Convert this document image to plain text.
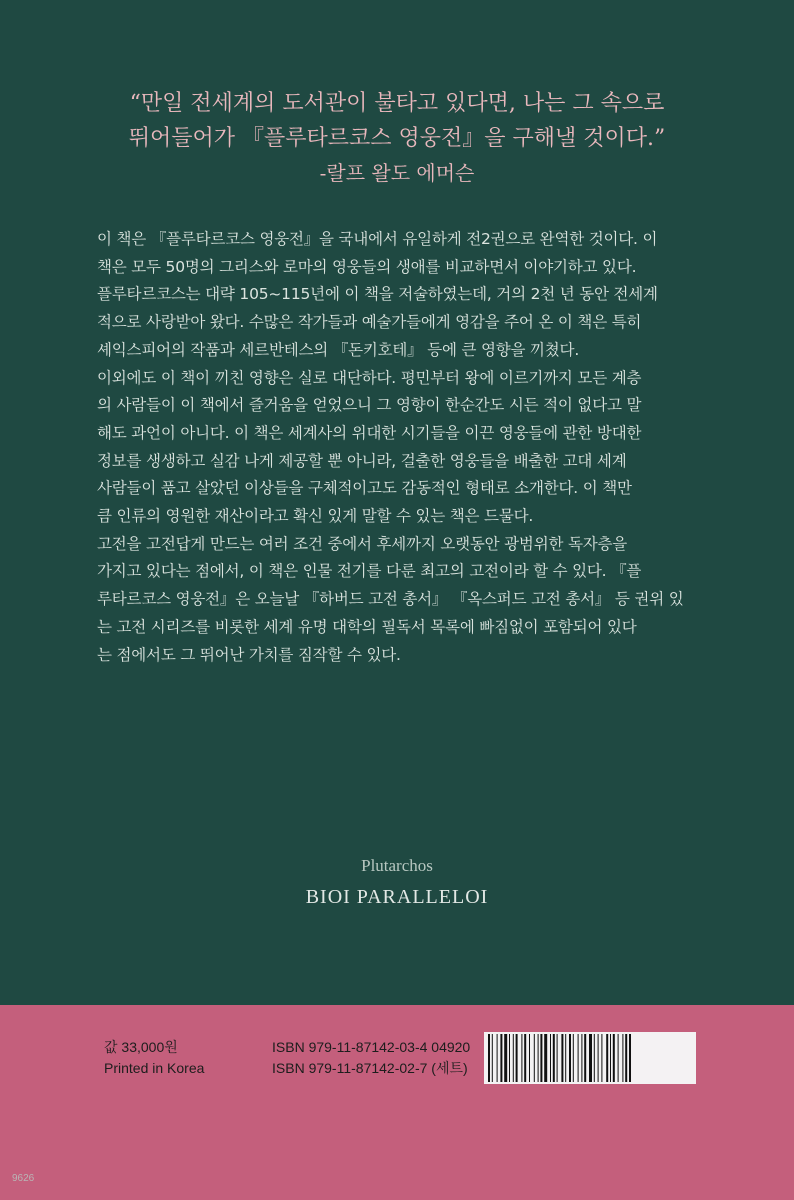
“만일 전세계의 도서관이 불타고 있다면, 나는 그 속으로
뛰어들어가 『플루타르코스 영웅전』을 구해낼 것이다.”
-랄프 왈도 에머슨

이 책은 『플루타르코스 영웅전』을 국내에서 유일하게 전2권으로 완역한 것이다. 이
책은 모두 50명의 그리스와 로마의 영웅들의 생애를 비교하면서 이야기하고 있다.
플루타르코스는 대략 105~115년에 이 책을 저술하였는데, 거의 2천 년 동안 전세계
적으로 사랑받아 왔다. 수많은 작가들과 예술가들에게 영감을 주어 온 이 책은 특히
셰익스피어의 작품과 세르반테스의 『돈키호테』 등에 큰 영향을 끼쳤다.

이외에도 이 책이 끼친 영향은 실로 대단하다. 평민부터 왕에 이르기까지 모든 계층
의 사람들이 이 책에서 즐거움을 얻었으니 그 영향이 한순간도 시든 적이 없다고 말
해도 과언이 아니다. 이 책은 세계사의 위대한 시기들을 이끈 영웅들에 관한 방대한
정보를 생생하고 실감 나게 제공할 뿐 아니라, 걸출한 영웅들을 배출한 고대 세계
사람들이 품고 살았던 이상들을 구체적이고도 감동적인 형태로 소개한다. 이 책만
큼 인류의 영원한 재산이라고 확신 있게 말할 수 있는 책은 드물다.

고전을 고전답게 만드는 여러 조건 중에서 후세까지 오랫동안 광범위한 독자층을
가지고 있다는 점에서, 이 책은 인물 전기를 다룬 최고의 고전이라 할 수 있다. 『플
루타르코스 영웅전』은 오늘날 『하버드 고전 총서』 『옥스퍼드 고전 총서』 등 권위 있
는 고전 시리즈를 비롯한 세계 유명 대학의 필독서 목록에 빠짐없이 포함되어 있다
는 점에서도 그 뛰어난 가치를 짐작할 수 있다.

Plutarchos
BIOI PARALLELOI
값 33,000원
Printed in Korea
ISBN 979-11-87142-03-4 04920
ISBN 979-11-87142-02-7 (세트)
9626
